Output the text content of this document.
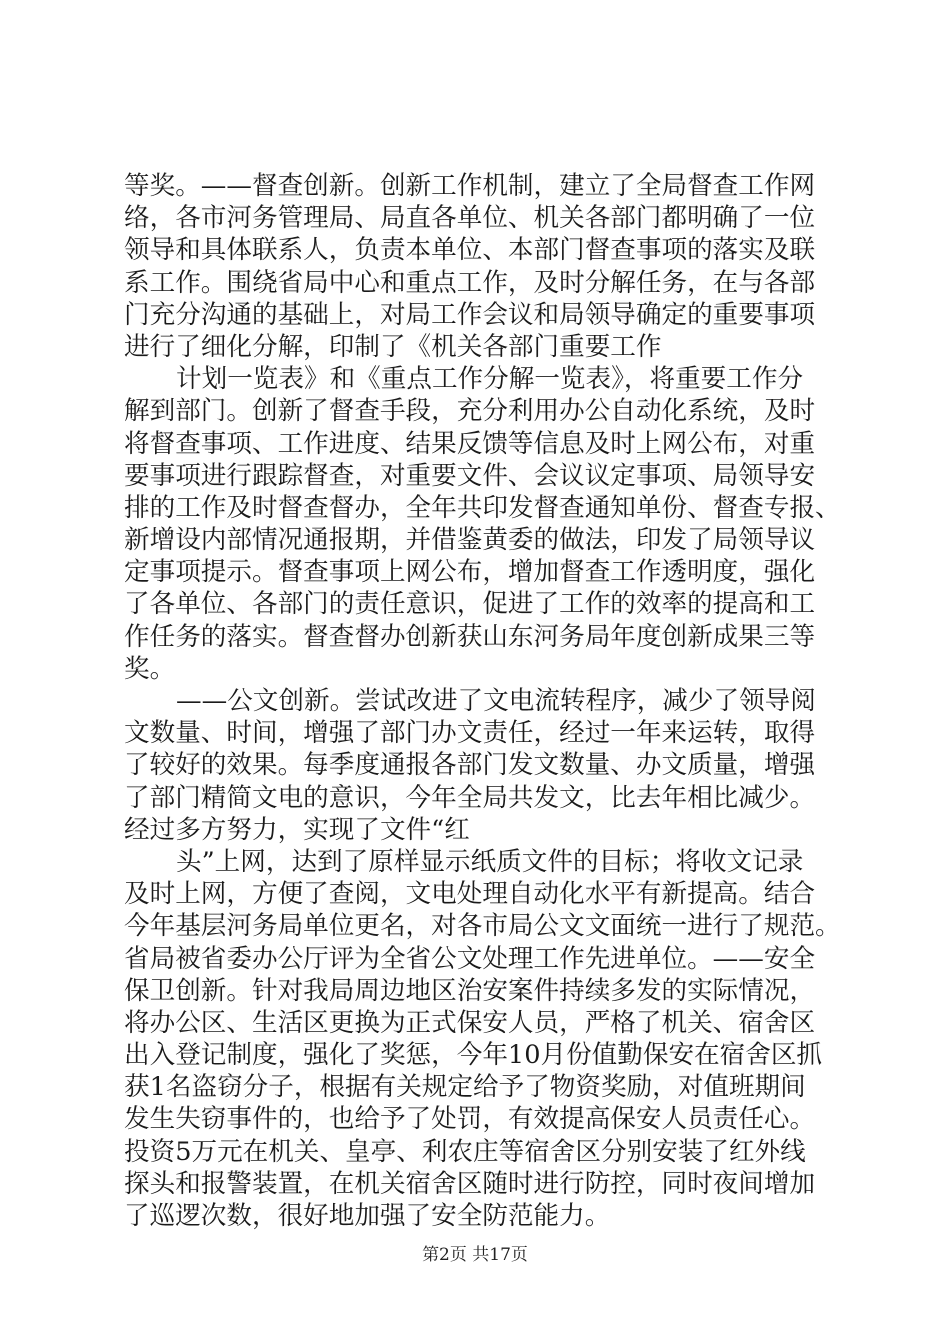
等奖。——督查创新。创新工作机制，建立了全局督查工作网
络，各市河务管理局、局直各单位、机关各部门都明确了一位
领导和具体联系人，负责本单位、本部门督查事项的落实及联
系工作。围绕省局中心和重点工作，及时分解任务，在与各部
门充分沟通的基础上，对局工作会议和局领导确定的重要事项
进行了细化分解，印制了《机关各部门重要工作
计划一览表》和《重点工作分解一览表》，将重要工作分
解到部门。创新了督查手段，充分利用办公自动化系统，及时
将督查事项、工作进度、结果反馈等信息及时上网公布，对重
要事项进行跟踪督查，对重要文件、会议议定事项、局领导安
排的工作及时督查督办，全年共印发督查通知单份、督查专报、
新增设内部情况通报期，并借鉴黄委的做法，印发了局领导议
定事项提示。督查事项上网公布，增加督查工作透明度，强化
了各单位、各部门的责任意识，促进了工作的效率的提高和工
作任务的落实。督查督办创新获山东河务局年度创新成果三等
奖。
——公文创新。尝试改进了文电流转程序，减少了领导阅
文数量、时间，增强了部门办文责任，经过一年来运转，取得
了较好的效果。每季度通报各部门发文数量、办文质量，增强
了部门精简文电的意识，今年全局共发文，比去年相比减少。
经过多方努力，实现了文件“红
头”上网，达到了原样显示纸质文件的目标；将收文记录
及时上网，方便了查阅，文电处理自动化水平有新提高。结合
今年基层河务局单位更名，对各市局公文文面统一进行了规范。
省局被省委办公厅评为全省公文处理工作先进单位。——安全
保卫创新。针对我局周边地区治安案件持续多发的实际情况，
将办公区、生活区更换为正式保安人员，严格了机关、宿舍区
出入登记制度，强化了奖惩，今年10月份值勤保安在宿舍区抓
获1名盗窃分子，根据有关规定给予了物资奖励，对值班期间
发生失窃事件的，也给予了处罚，有效提高保安人员责任心。
投资5万元在机关、皇亭、利农庄等宿舍区分别安装了红外线
探头和报警装置，在机关宿舍区随时进行防控，同时夜间增加
了巡逻次数，很好地加强了安全防范能力。
第2页 共17页
